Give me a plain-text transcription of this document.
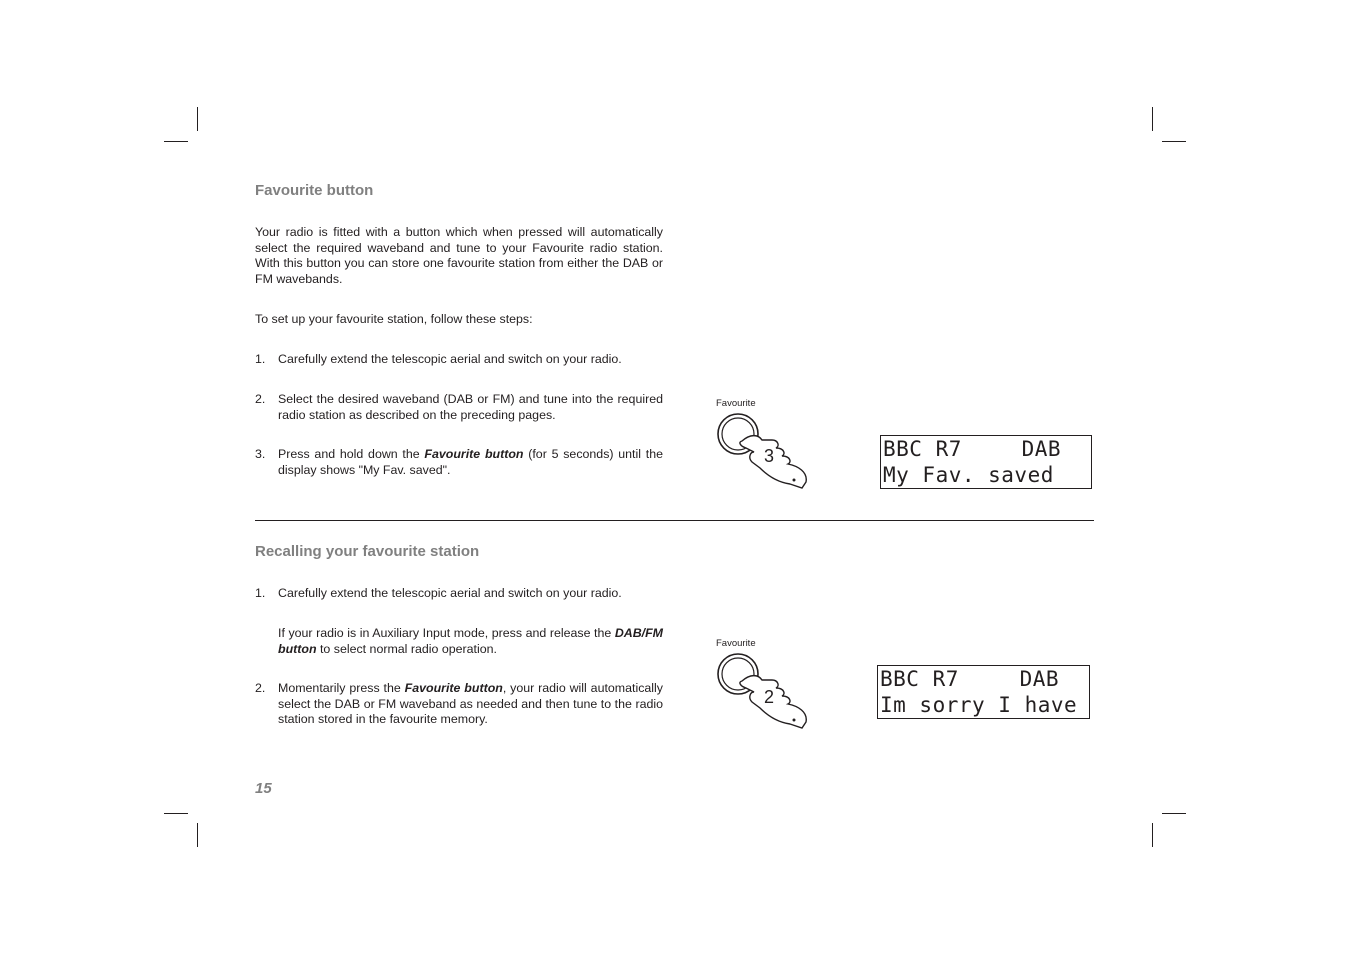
Favourite button

Your radio is fitted with a button which when pressed will automatically select the required waveband and tune to your Favourite radio station. With this button you can store one favourite station from either the DAB or FM wavebands.

To set up your favourite station, follow these steps:

1.	Carefully extend the telescopic aerial and switch on your radio.
2.	Select the desired waveband (DAB or FM) and tune into the required radio station as described on the preceding pages.
3.	Press and hold down the Favourite button (for 5 seconds) until the display shows "My Fav. saved".

Favourite

3	BBC R7	DAB
My Fav. saved
Recalling your favourite station
1.	Carefully extend the telescopic aerial and switch on your radio.
If your radio is in Auxiliary Input mode, press and release the DAB/FM button to select normal radio operation.
2.	Momentarily press the Favourite button, your radio will automatically select the DAB or FM waveband as needed and then tune to the radio station stored in the favourite memory.

Favourite

2
BBC R7	DAB
Im sorry I have

15
